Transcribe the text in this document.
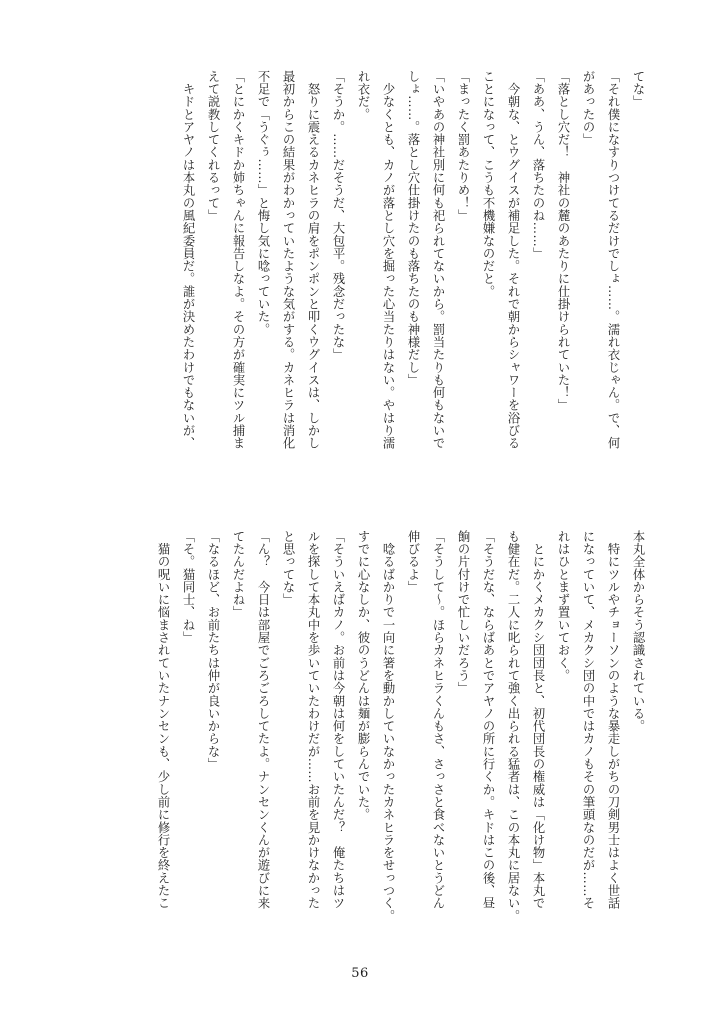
てな」
「それ僕になすりつけてるだけでしょ……。濡れ衣じゃん。で、何
があったの」
「落とし穴だ！　神社の麓のあたりに仕掛けられていた！」
「ああ、うん、落ちたのね……」
　今朝な、とウグイスが補足した。それで朝からシャワーを浴びる
ことになって、こうも不機嫌なのだと。
「まったく罰あたりめ！」
「いやあの神社別に何も祀られてないから。罰当たりも何もないで
しょ……。落とし穴仕掛けたのも落ちたのも神様だし」
　少なくとも、カノが落とし穴を掘った心当たりはない。やはり濡
れ衣だ。
「そうか。……だそうだ、大包平。残念だったな」
　怒りに震えるカネヒラの肩をポンポンと叩くウグイスは、しかし
最初からこの結果がわかっていたような気がする。カネヒラは消化
不足で「うぐぅ……」と悔し気に唸っていた。
「とにかくキドか姉ちゃんに報告しなよ。その方が確実にツル捕ま
えて説教してくれるって」
　キドとアヤノは本丸の風紀委員だ。誰が決めたわけでもないが、
本丸全体からそう認識されている。
　特にツルやチョーソンのような暴走しがちの刀剣男士はよく世話
になっていて、メカクシ団の中ではカノもその筆頭なのだが……そ
れはひとまず置いておく。
　とにかくメカクシ団団長と、初代団長の権威は「化け物」本丸で
も健在だ。二人に叱られて強く出られる猛者は、この本丸に居ない。
「そうだな、ならばあとでアヤノの所に行くか。キドはこの後、昼
餉の片付けで忙しいだろう」
「そうして〜。ほらカネヒラくんもさ、さっさと食べないとうどん
伸びるよ」
　唸るばかりで一向に箸を動かしていなかったカネヒラをせっつく。
すでに心なしか、彼のうどんは麺が膨らんでいた。
「そういえばカノ。お前は今朝は何をしていたんだ？　俺たちはツ
ルを探して本丸中を歩いていたわけだが……お前を見かけなかった
と思ってな」
「ん？　今日は部屋でごろごろしてたよ。ナンセンくんが遊びに来
てたんだよね」
「なるほど、お前たちは仲が良いからな」
「そ。猫同士、ね」
　猫の呪いに悩まされていたナンセンも、少し前に修行を終えたこ
56
